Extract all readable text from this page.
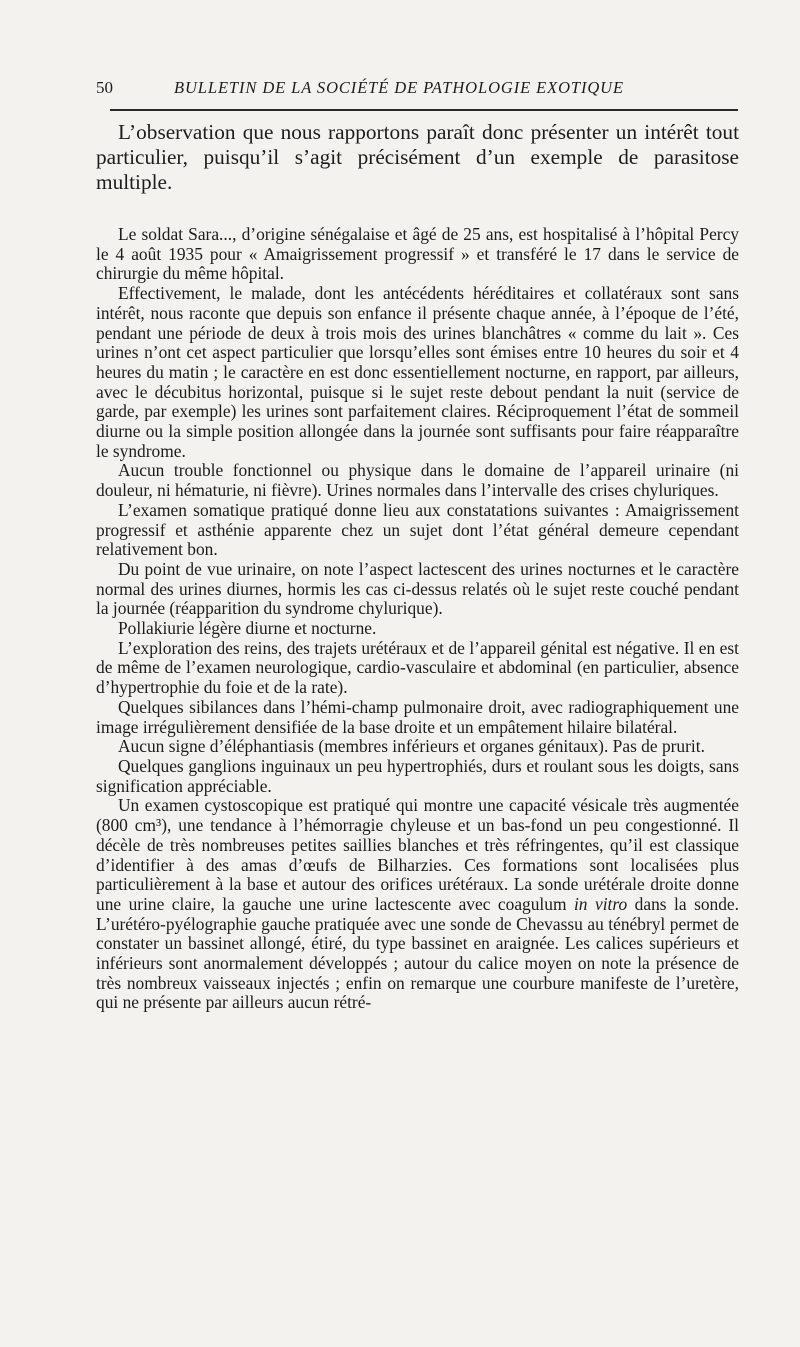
50	BULLETIN DE LA SOCIÉTÉ DE PATHOLOGIE EXOTIQUE

L’observation que nous rapportons paraît donc présenter un intérêt tout particulier, puisqu’il s’agit précisément d’un exemple de parasitose multiple.

Le soldat Sara..., d’origine sénégalaise et âgé de 25 ans, est hospitalisé à l’hôpital Percy le 4 août 1935 pour « Amaigrissement progressif » et transféré le 17 dans le service de chirurgie du même hôpital.

Effectivement, le malade, dont les antécédents héréditaires et collatéraux sont sans intérêt, nous raconte que depuis son enfance il présente chaque année, à l’époque de l’été, pendant une période de deux à trois mois des urines blanchâtres « comme du lait ». Ces urines n’ont cet aspect particulier que lorsqu’elles sont émises entre 10 heures du soir et 4 heures du matin ; le caractère en est donc essentiellement nocturne, en rapport, par ailleurs, avec le décubitus horizontal, puisque si le sujet reste debout pendant la nuit (service de garde, par exemple) les urines sont parfaitement claires. Réciproquement l’état de sommeil diurne ou la simple position allongée dans la journée sont suffisants pour faire réapparaître le syndrome.

Aucun trouble fonctionnel ou physique dans le domaine de l’appareil urinaire (ni douleur, ni hématurie, ni fièvre). Urines normales dans l’intervalle des crises chyluriques.

L’examen somatique pratiqué donne lieu aux constatations suivantes : Amaigrissement progressif et asthénie apparente chez un sujet dont l’état général demeure cependant relativement bon.

Du point de vue urinaire, on note l’aspect lactescent des urines nocturnes et le caractère normal des urines diurnes, hormis les cas ci-dessus relatés où le sujet reste couché pendant la journée (réapparition du syndrome chylurique).

Pollakiurie légère diurne et nocturne.

L’exploration des reins, des trajets urétéraux et de l’appareil génital est négative. Il en est de même de l’examen neurologique, cardio-vasculaire et abdominal (en particulier, absence d’hypertrophie du foie et de la rate).

Quelques sibilances dans l’hémi-champ pulmonaire droit, avec radiographiquement une image irrégulièrement densifiée de la base droite et un empâtement hilaire bilatéral.

Aucun signe d’éléphantiasis (membres inférieurs et organes génitaux). Pas de prurit.

Quelques ganglions inguinaux un peu hypertrophiés, durs et roulant sous les doigts, sans signification appréciable.

Un examen cystoscopique est pratiqué qui montre une capacité vésicale très augmentée (800 cm³), une tendance à l’hémorragie chyleuse et un bas-fond un peu congestionné. Il décèle de très nombreuses petites saillies blanches et très réfringentes, qu’il est classique d’identifier à des amas d’œufs de Bilharzies. Ces formations sont localisées plus particulièrement à la base et autour des orifices urétéraux. La sonde urétérale droite donne une urine claire, la gauche une urine lactescente avec coagulum in vitro dans la sonde. L’urétéro-pyélographie gauche pratiquée avec une sonde de Chevassu au ténébryl permet de constater un bassinet allongé, étiré, du type bassinet en araignée. Les calices supérieurs et inférieurs sont anormalement développés ; autour du calice moyen on note la présence de très nombreux vaisseaux injectés ; enfin on remarque une courbure manifeste de l’uretère, qui ne présente par ailleurs aucun rétré-
